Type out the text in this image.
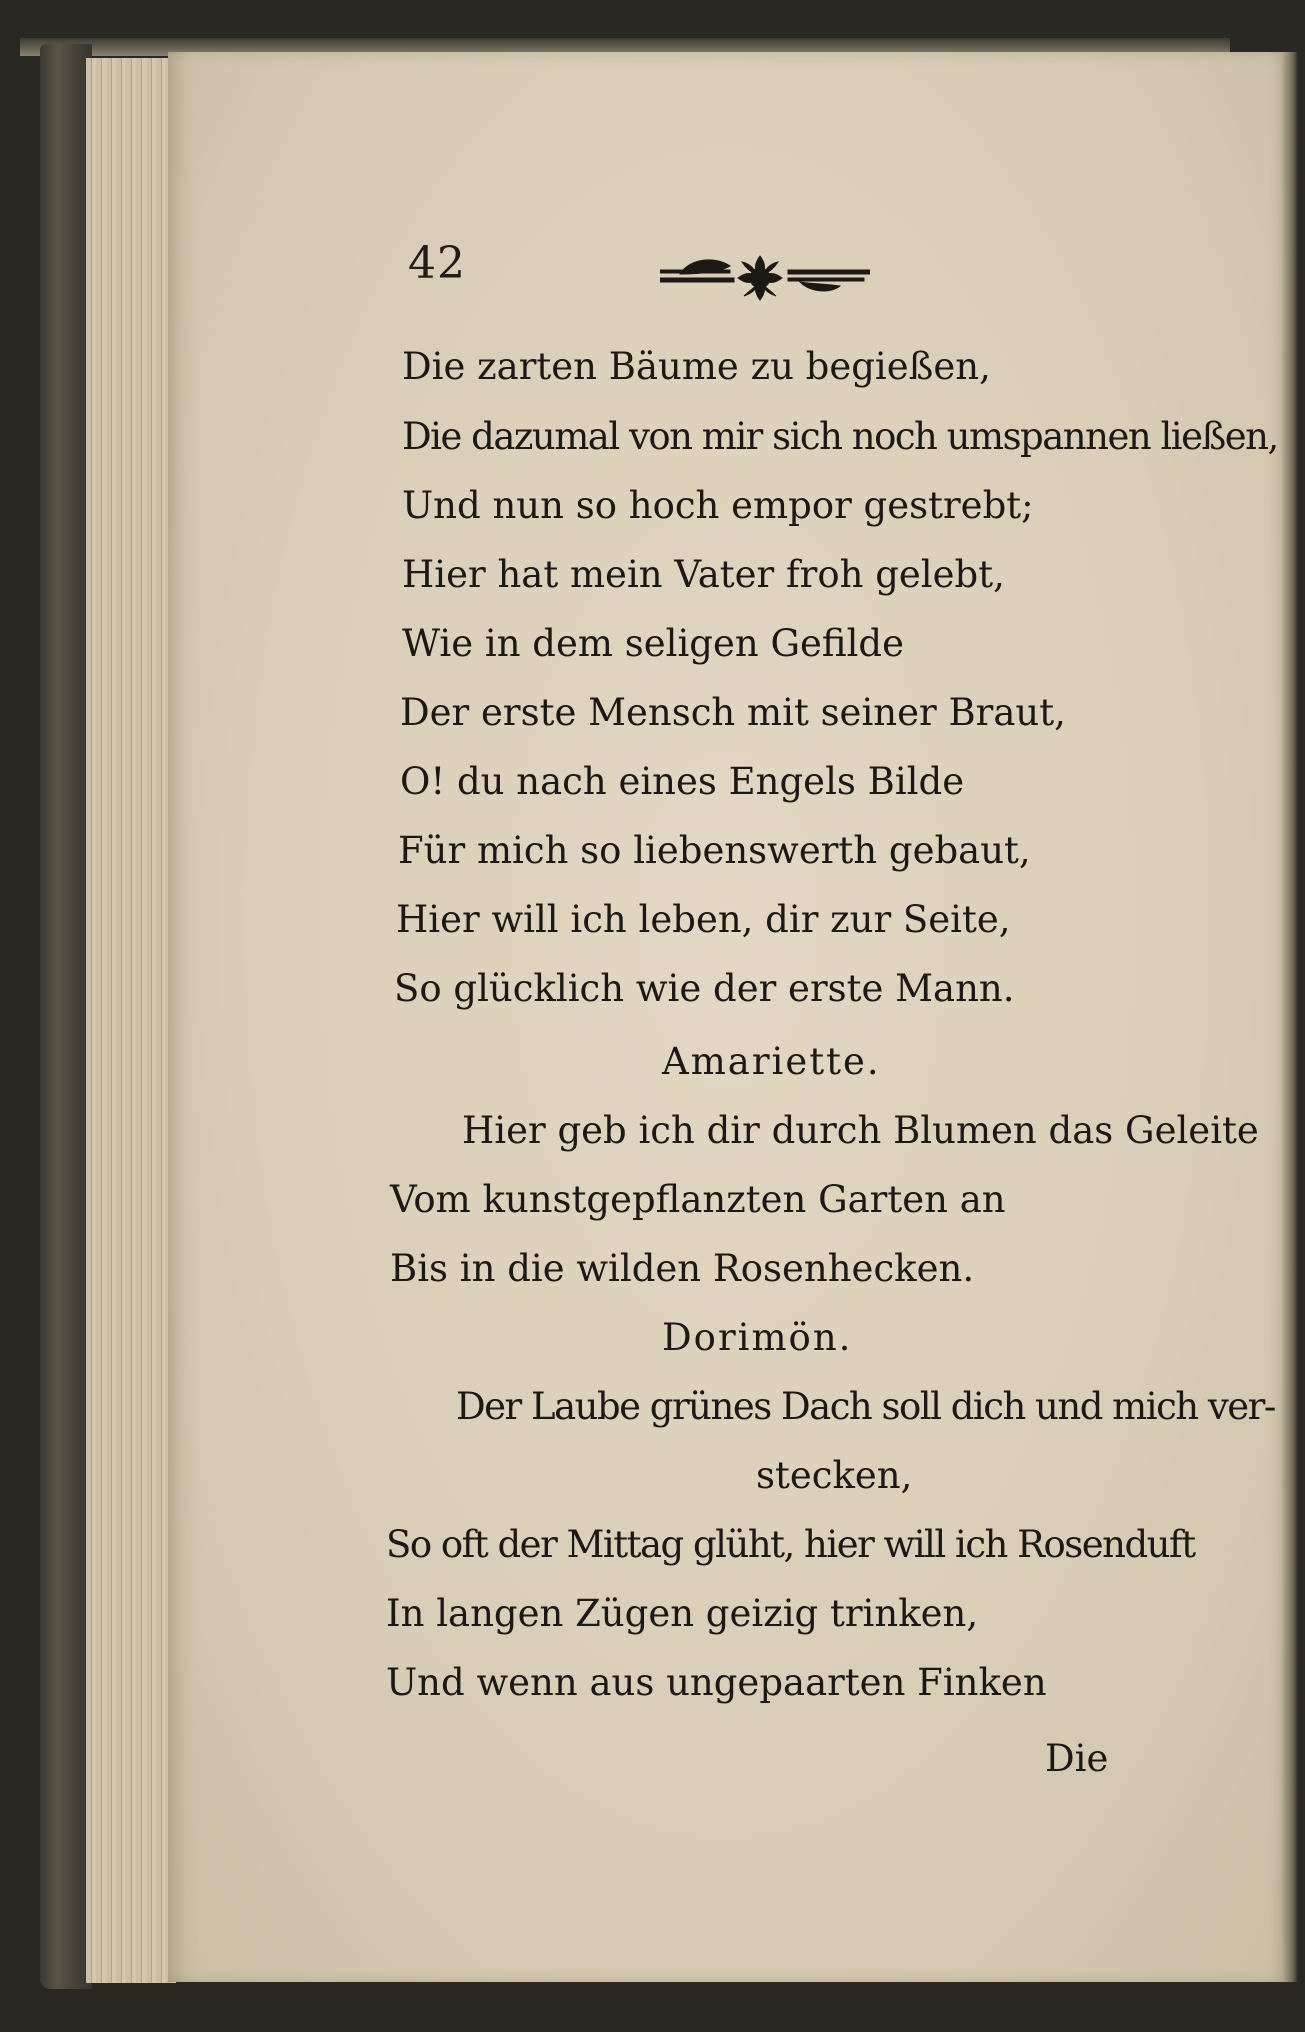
42
Die zarten Bäume zu begießen,
Die dazumal von mir sich noch umspannen ließen,
Und nun so hoch empor gestrebt;
Hier hat mein Vater froh gelebt,
Wie in dem seligen Gefilde
Der erste Mensch mit seiner Braut,
O! du nach eines Engels Bilde
Für mich so liebenswerth gebaut,
Hier will ich leben, dir zur Seite,
So glücklich wie der erste Mann.
Amariette.
Hier geb ich dir durch Blumen das Geleite
Vom kunstgepflanzten Garten an
Bis in die wilden Rosenhecken.
Dorimön.
Der Laube grünes Dach soll dich und mich ver-
stecken,
So oft der Mittag glüht, hier will ich Rosenduft
In langen Zügen geizig trinken,
Und wenn aus ungepaarten Finken
Die
